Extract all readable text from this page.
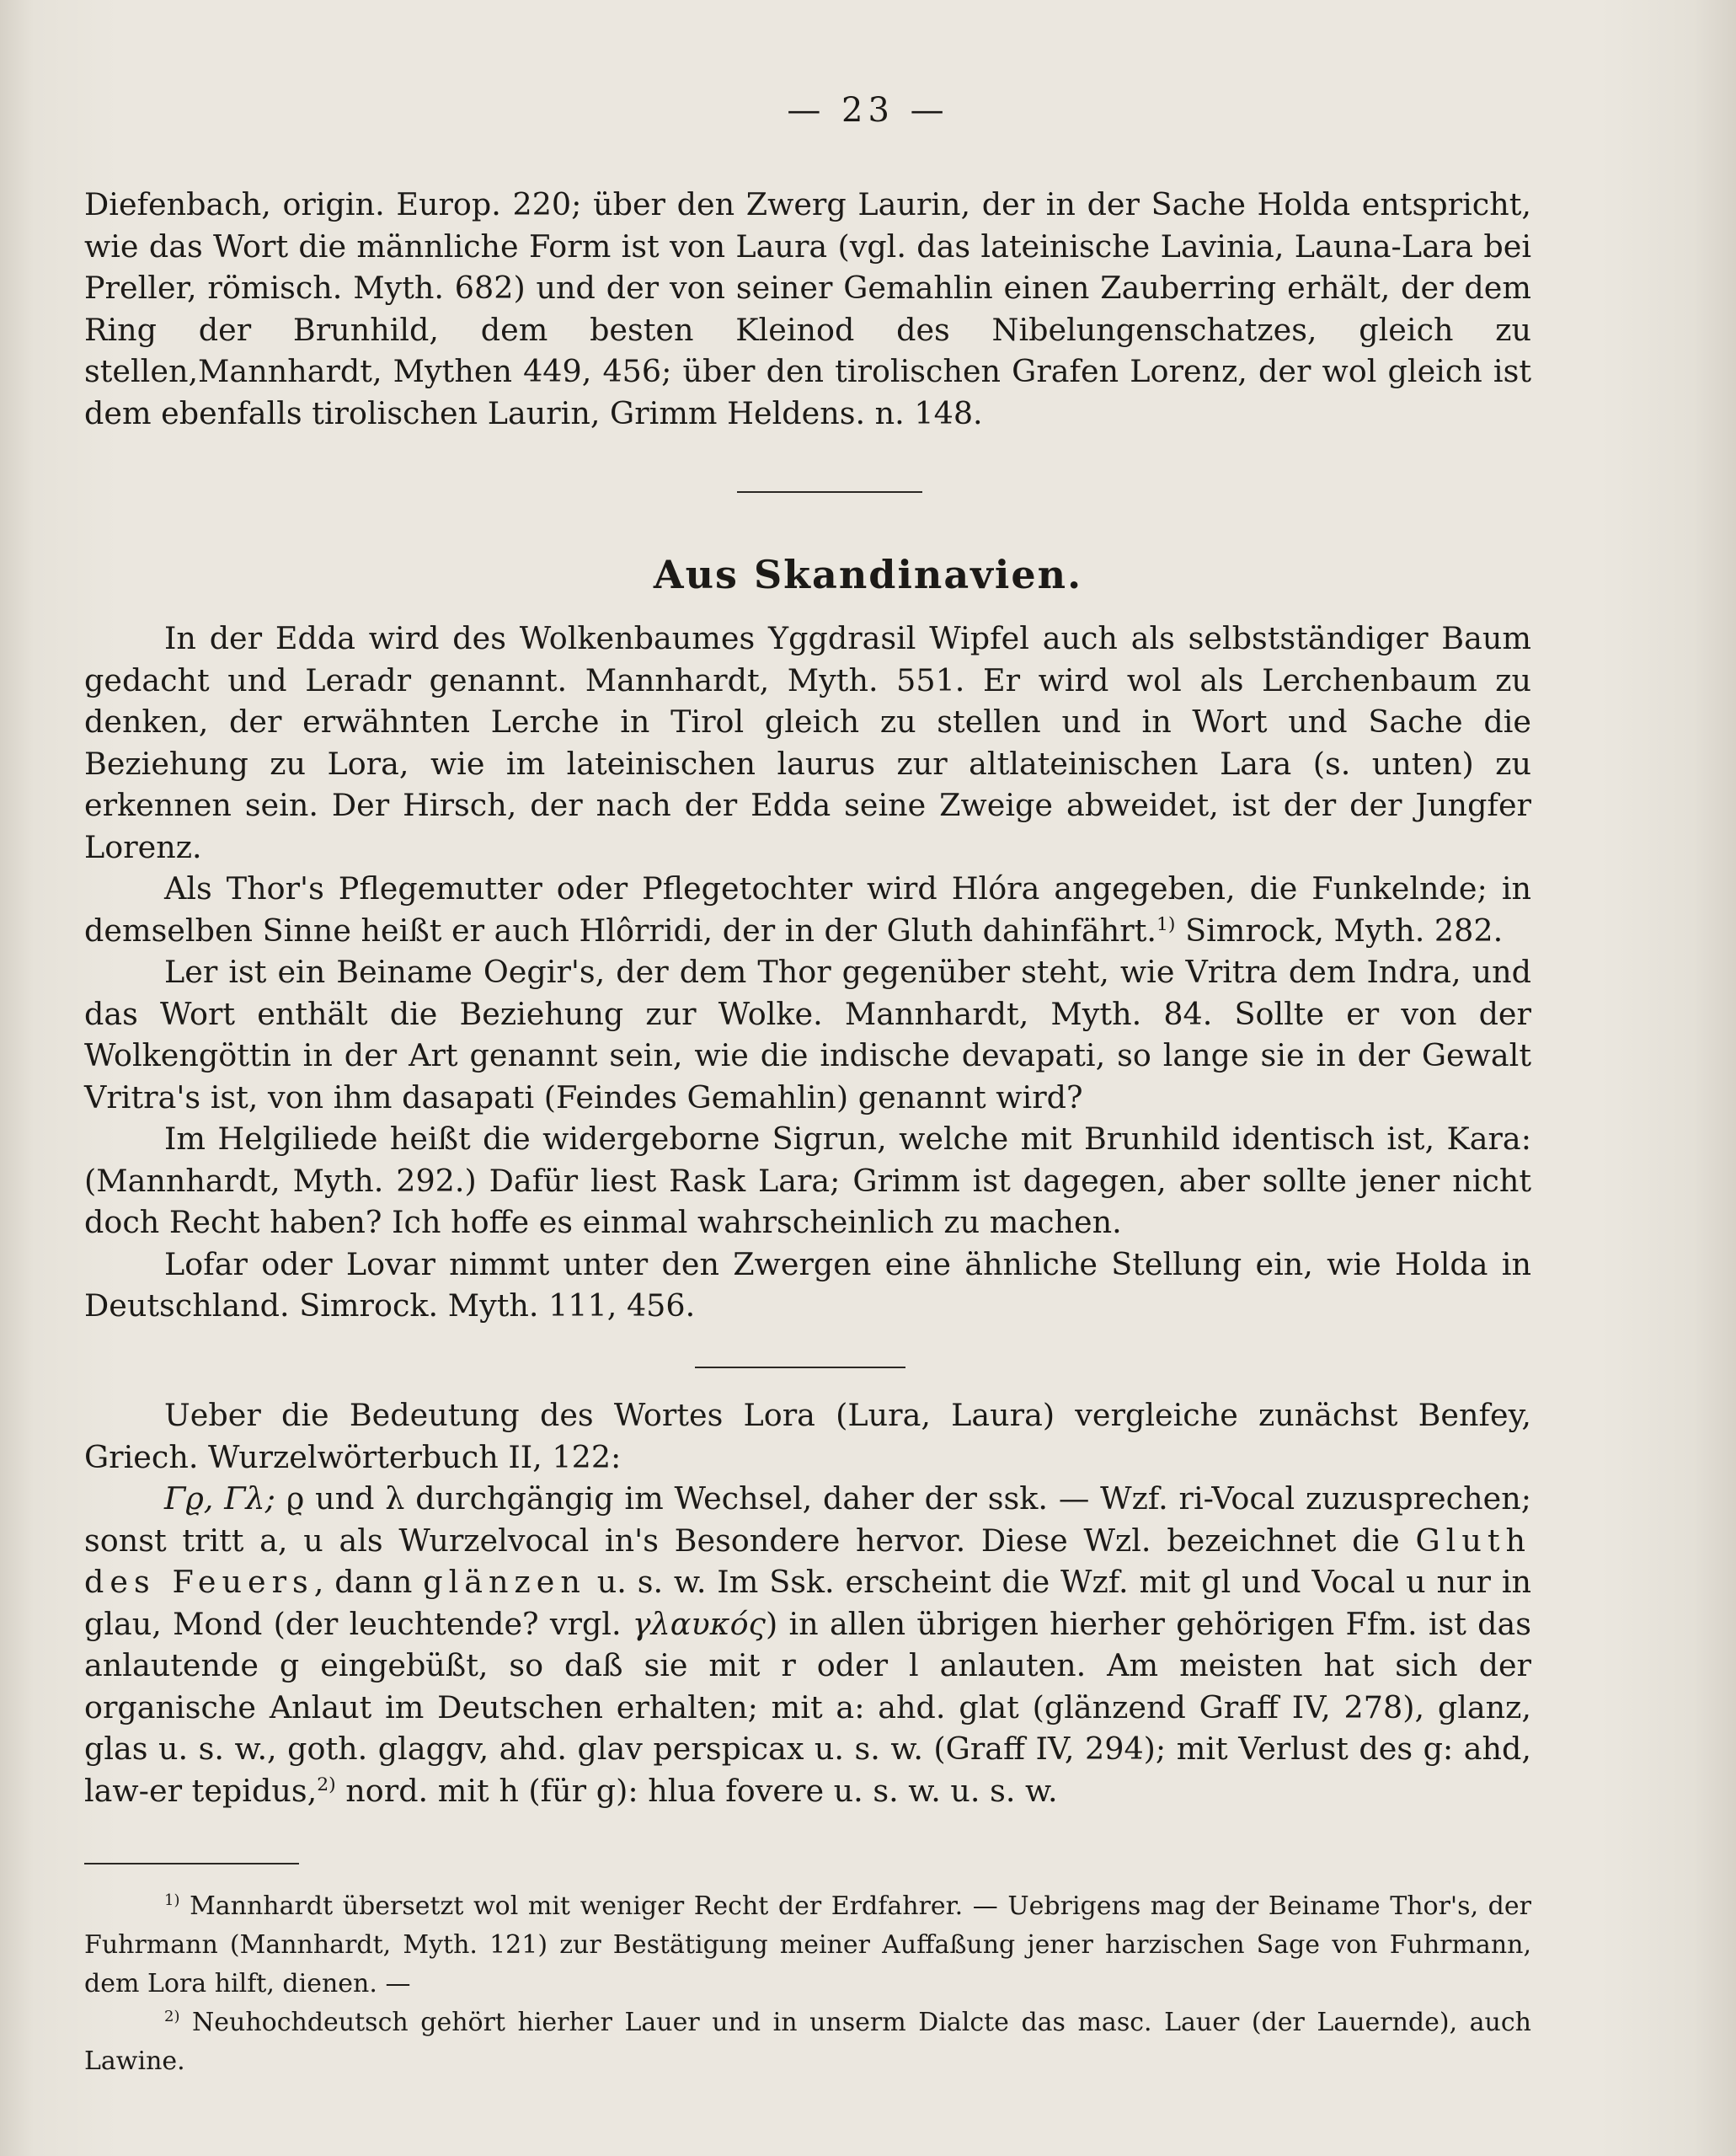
— 23 —

Diefenbach, origin. Europ. 220; über den Zwerg Laurin, der in der Sache Holda entspricht, wie das Wort die männliche Form ist von Laura (vgl. das lateinische Lavinia, Launa-Lara bei Preller, römisch. Myth. 682) und der von seiner Gemahlin einen Zauberring erhält, der dem Ring der Brunhild, dem besten Kleinod des Nibelungenschatzes, gleich zu stellen,Mannhardt, Mythen 449, 456; über den tirolischen Grafen Lorenz, der wol gleich ist dem ebenfalls tirolischen Laurin, Grimm Heldens. n. 148.

Aus Skandinavien.

In der Edda wird des Wolkenbaumes Yggdrasil Wipfel auch als selbstständiger Baum gedacht und Leradr genannt. Mannhardt, Myth. 551. Er wird wol als Lerchenbaum zu denken, der erwähnten Lerche in Tirol gleich zu stellen und in Wort und Sache die Beziehung zu Lora, wie im lateinischen laurus zur altlateinischen Lara (s. unten) zu erkennen sein. Der Hirsch, der nach der Edda seine Zweige abweidet, ist der der Jungfer Lorenz.

Als Thor's Pflegemutter oder Pflegetochter wird Hlóra angegeben, die Funkelnde; in demselben Sinne heißt er auch Hlôrridi, der in der Gluth dahinfährt.$^{1)}$ Simrock, Myth. 282.

Ler ist ein Beiname Oegir's, der dem Thor gegenüber steht, wie Vritra dem Indra, und das Wort enthält die Beziehung zur Wolke. Mannhardt, Myth. 84. Sollte er von der Wolkengöttin in der Art genannt sein, wie die indische devapati, so lange sie in der Gewalt Vritra's ist, von ihm dasapati (Feindes Gemahlin) genannt wird?

Im Helgiliede heißt die widergeborne Sigrun, welche mit Brunhild identisch ist, Kara: (Mannhardt, Myth. 292.) Dafür liest Rask Lara; Grimm ist dagegen, aber sollte jener nicht doch Recht haben? Ich hoffe es einmal wahrscheinlich zu machen.

Lofar oder Lovar nimmt unter den Zwergen eine ähnliche Stellung ein, wie Holda in Deutschland. Simrock. Myth. 111, 456.

Ueber die Bedeutung des Wortes Lora (Lura, Laura) vergleiche zunächst Benfey, Griech. Wurzelwörterbuch II, 122:

Γϱ, Γλ; ϱ und λ durchgängig im Wechsel, daher der ssk. — Wzf. ri-Vocal zuzusprechen; sonst tritt a, u als Wurzelvocal in's Besondere hervor. Diese Wzl. bezeichnet die Gluth des Feuers, dann glänzen u. s. w. Im Ssk. erscheint die Wzf. mit gl und Vocal u nur in glau, Mond (der leuchtende? vrgl. γλαυκός) in allen übrigen hierher gehörigen Ffm. ist das anlautende g eingebüßt, so daß sie mit r oder l anlauten. Am meisten hat sich der organische Anlaut im Deutschen erhalten; mit a: ahd. glat (glänzend Graff IV, 278), glanz, glas u. s. w., goth. glaggv, ahd. glav perspicax u. s. w. (Graff IV, 294); mit Verlust des g: ahd, law-er tepidus,$^{2)}$ nord. mit h (für g): hlua fovere u. s. w. u. s. w.

$^{1)}$ Mannhardt übersetzt wol mit weniger Recht der Erdfahrer. — Uebrigens mag der Beiname Thor's, der Fuhrmann (Mannhardt, Myth. 121) zur Bestätigung meiner Auffaßung jener harzischen Sage von Fuhrmann, dem Lora hilft, dienen. —

$^{2)}$ Neuhochdeutsch gehört hierher Lauer und in unserm Dialcte das masc. Lauer (der Lauernde), auch Lawine.
